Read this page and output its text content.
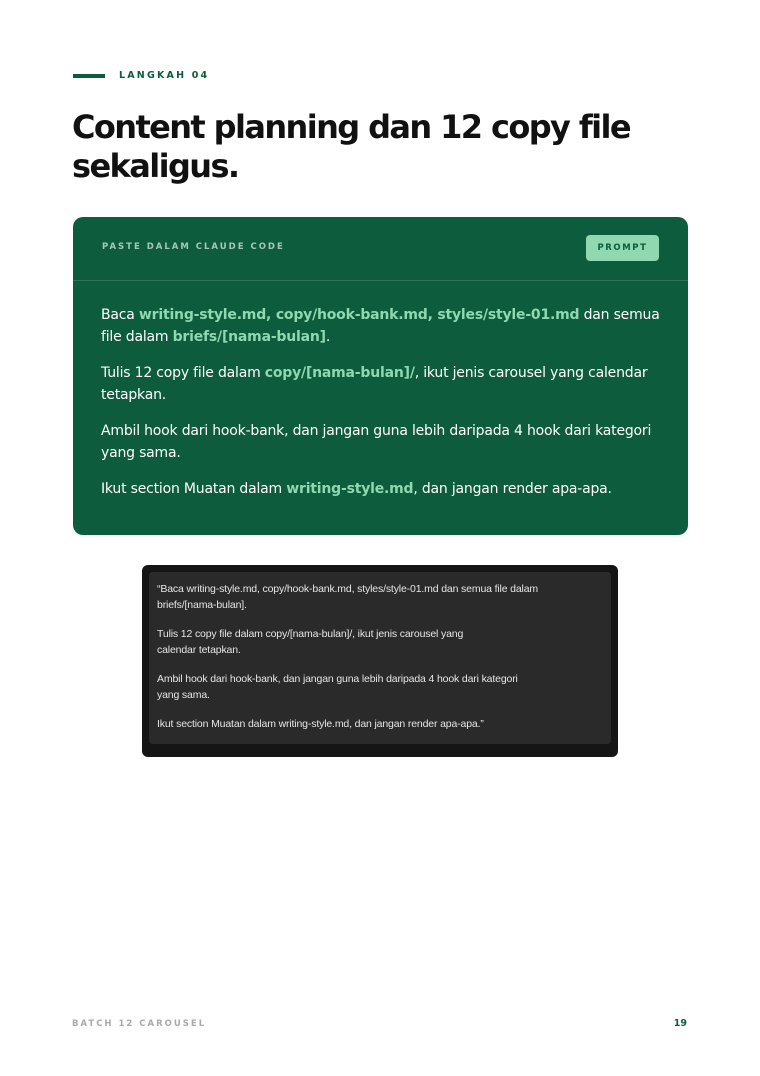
LANGKAH 04
Content planning dan 12 copy file sekaligus.
PASTE DALAM CLAUDE CODE	PROMPT

Baca writing-style.md, copy/hook-bank.md, styles/style-01.md dan semua file dalam briefs/[nama-bulan].

Tulis 12 copy file dalam copy/[nama-bulan]/, ikut jenis carousel yang calendar tetapkan.

Ambil hook dari hook-bank, dan jangan guna lebih daripada 4 hook dari kategori yang sama.

Ikut section Muatan dalam writing-style.md, dan jangan render apa-apa.

“Baca writing-style.md, copy/hook-bank.md, styles/style-01.md dan semua file dalam
briefs/[nama-bulan].

Tulis 12 copy file dalam copy/[nama-bulan]/, ikut jenis carousel yang
calendar tetapkan.

Ambil hook dari hook-bank, dan jangan guna lebih daripada 4 hook dari kategori
yang sama.

Ikut section Muatan dalam writing-style.md, dan jangan render apa-apa.”

BATCH 12 CAROUSEL	19
